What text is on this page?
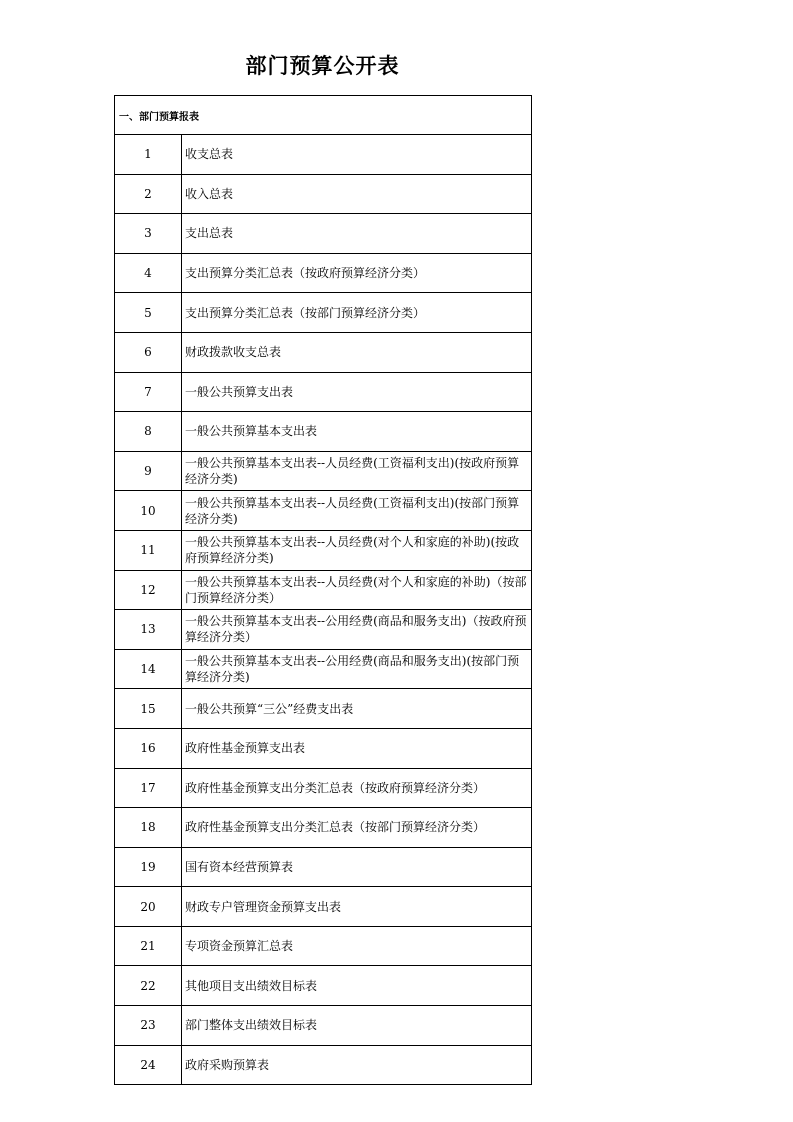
部门预算公开表
一、部门预算报表	
1	收支总表
2	收入总表
3	支出总表
4	支出预算分类汇总表（按政府预算经济分类）
5	支出预算分类汇总表（按部门预算经济分类）
6	财政拨款收支总表
7	一般公共预算支出表
8	一般公共预算基本支出表
9	一般公共预算基本支出表--人员经费(工资福利支出)(按政府预算经济分类)
10	一般公共预算基本支出表--人员经费(工资福利支出)(按部门预算经济分类)
11	一般公共预算基本支出表--人员经费(对个人和家庭的补助)(按政府预算经济分类)
12	一般公共预算基本支出表--人员经费(对个人和家庭的补助)（按部门预算经济分类）
13	一般公共预算基本支出表--公用经费(商品和服务支出)（按政府预算经济分类）
14	一般公共预算基本支出表--公用经费(商品和服务支出)(按部门预算经济分类)
15	一般公共预算“三公”经费支出表
16	政府性基金预算支出表
17	政府性基金预算支出分类汇总表（按政府预算经济分类）
18	政府性基金预算支出分类汇总表（按部门预算经济分类）
19	国有资本经营预算表
20	财政专户管理资金预算支出表
21	专项资金预算汇总表
22	其他项目支出绩效目标表
23	部门整体支出绩效目标表
24	政府采购预算表
